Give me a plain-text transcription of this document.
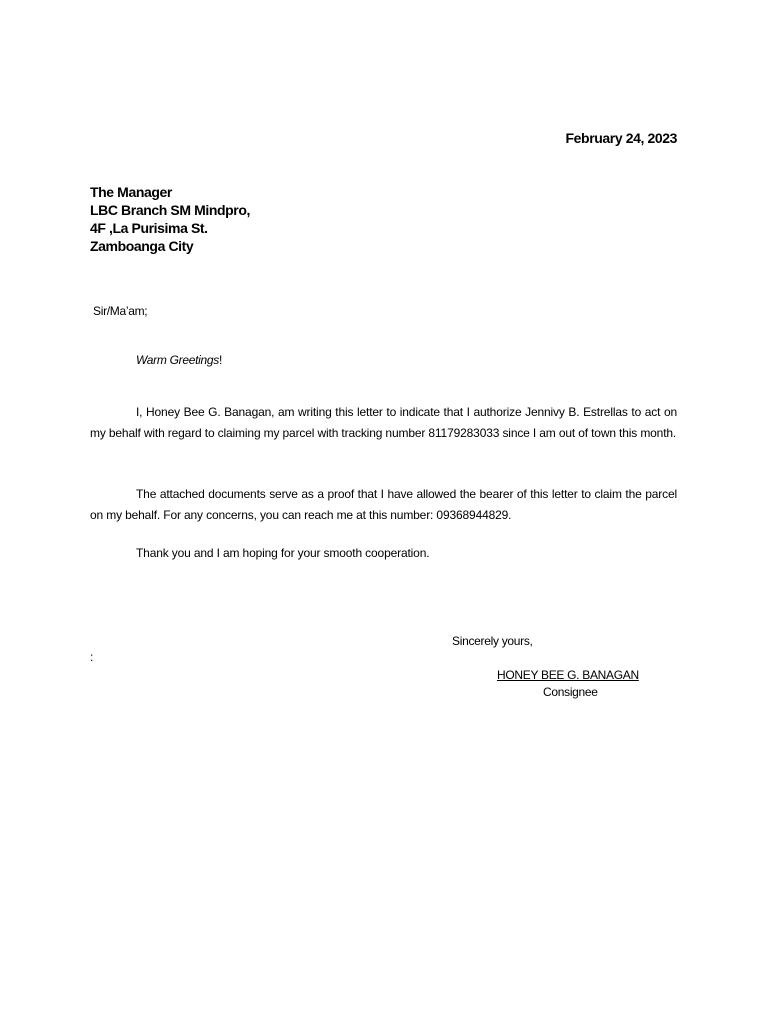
February 24, 2023
The Manager
LBC Branch SM Mindpro,
4F ,La Purisima St.
Zamboanga City
Sir/Ma’am;
Warm Greetings!
I, Honey Bee G. Banagan, am writing this letter to indicate that I authorize Jennivy B. Estrellas to act on my behalf with regard to claiming my parcel with tracking number 81179283033 since I am out of town this month.
The attached documents serve as a proof that I have allowed the bearer of this letter to claim the parcel on my behalf. For any concerns, you can reach me at this number: 09368944829.
Thank you and I am hoping for your smooth cooperation.
Sincerely yours,
:
HONEY BEE G. BANAGAN
Consignee
